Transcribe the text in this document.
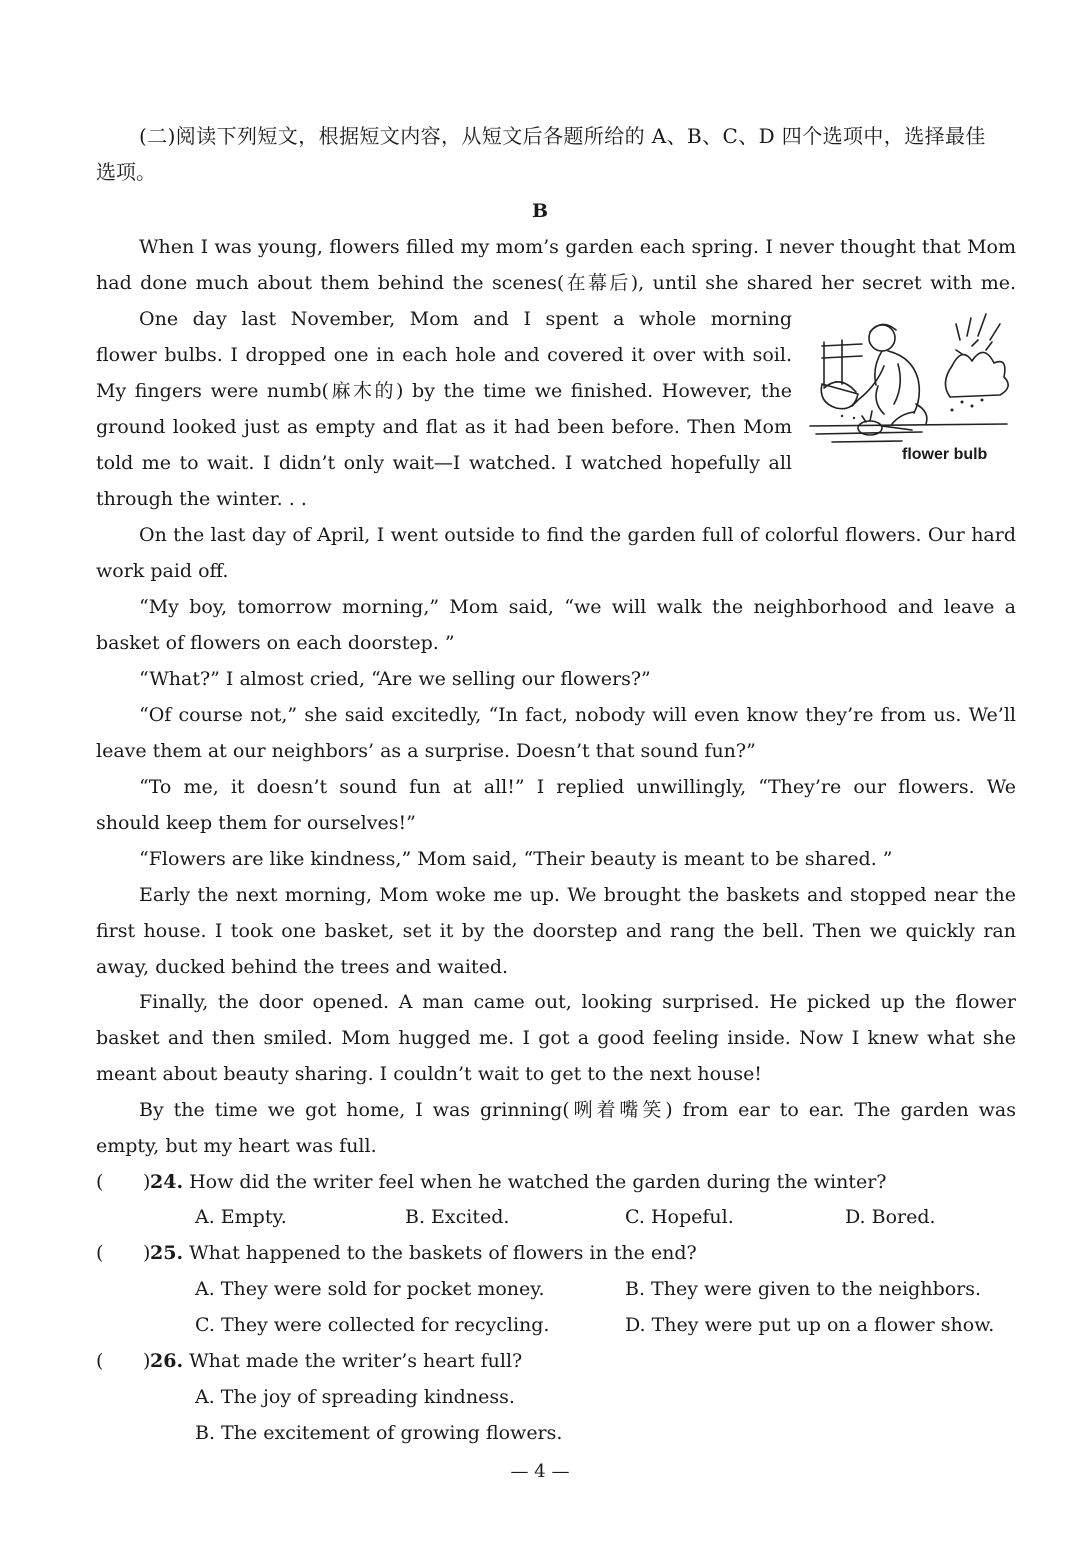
(二)阅读下列短文，根据短文内容，从短文后各题所给的 A、B、C、D 四个选项中，选择最佳
选项。
B
When I was young, flowers filled my mom’s garden each spring. I never thought that Mom
had done much about them behind the scenes(在幕后), until she shared her secret with me.
One day last November, Mom and I spent a whole morning
flower bulbs. I dropped one in each hole and covered it over with soil.
My fingers were numb(麻木的) by the time we finished. However, the
ground looked just as empty and flat as it had been before. Then Mom
told me to wait. I didn’t only wait—I watched. I watched hopefully all
through the winter. . .
flower bulb
On the last day of April, I went outside to find the garden full of colorful flowers. Our hard
work paid off.
“My boy, tomorrow morning,” Mom said, “we will walk the neighborhood and leave a
basket of flowers on each doorstep. ”
“What?” I almost cried, “Are we selling our flowers?”
“Of course not,” she said excitedly, “In fact, nobody will even know they’re from us. We’ll
leave them at our neighbors’ as a surprise. Doesn’t that sound fun?”
“To me, it doesn’t sound fun at all!” I replied unwillingly, “They’re our flowers. We
should keep them for ourselves!”
“Flowers are like kindness,” Mom said, “Their beauty is meant to be shared. ”
Early the next morning, Mom woke me up. We brought the baskets and stopped near the
first house. I took one basket, set it by the doorstep and rang the bell. Then we quickly ran
away, ducked behind the trees and waited.
Finally, the door opened. A man came out, looking surprised. He picked up the flower
basket and then smiled. Mom hugged me. I got a good feeling inside. Now I knew what she
meant about beauty sharing. I couldn’t wait to get to the next house!
By the time we got home, I was grinning(咧着嘴笑) from ear to ear. The garden was
empty, but my heart was full.
( ) 24. How did the writer feel when he watched the garden during the winter?
A. Empty.	B. Excited.	C. Hopeful.	D. Bored.
( ) 25. What happened to the baskets of flowers in the end?
A. They were sold for pocket money.	B. They were given to the neighbors.
C. They were collected for recycling.	D. They were put up on a flower show.
( ) 26. What made the writer’s heart full?
A. The joy of spreading kindness.
B. The excitement of growing flowers.
— 4 —
